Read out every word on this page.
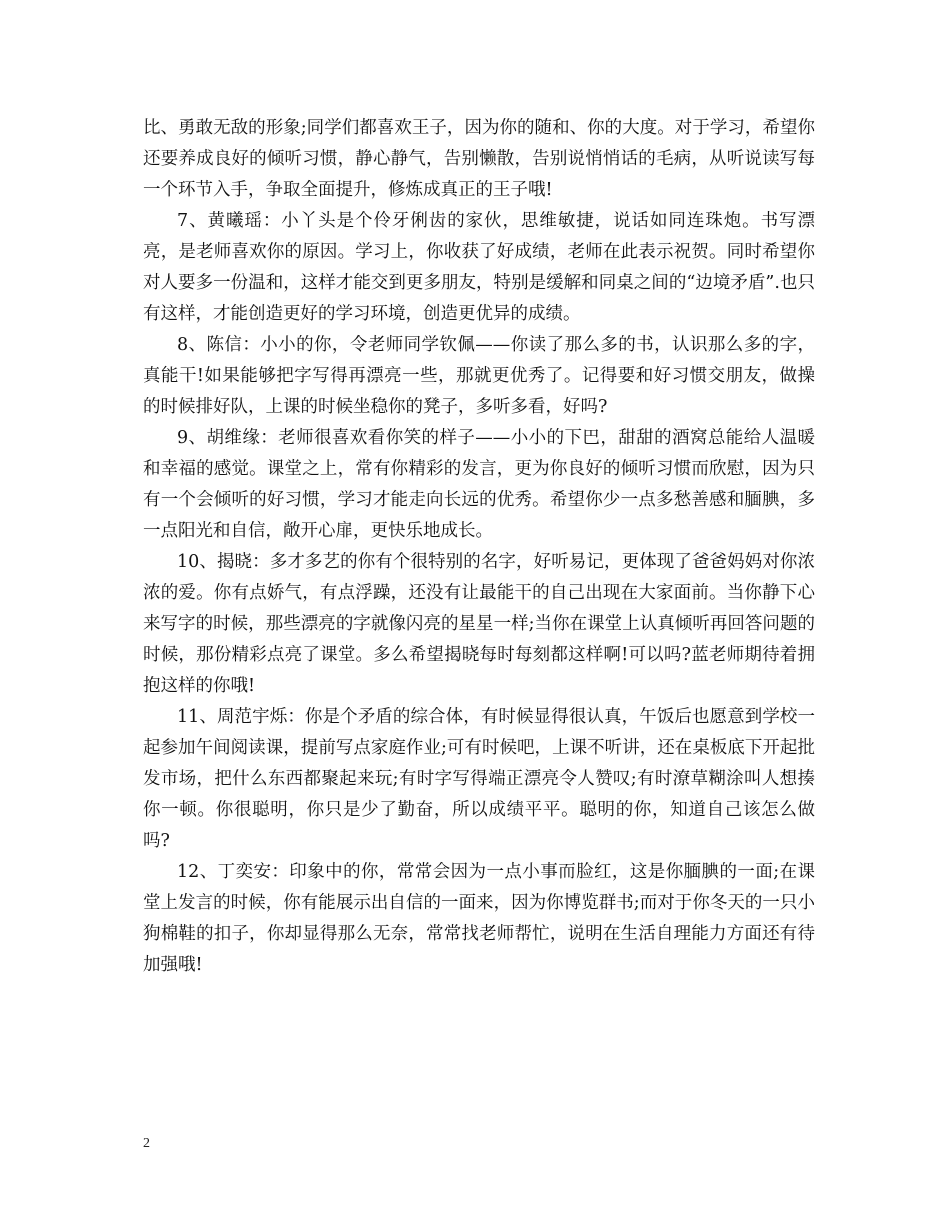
比、勇敢无敌的形象;同学们都喜欢王子，因为你的随和、你的大度。对于学习，希望你还要养成良好的倾听习惯，静心静气，告别懒散，告别说悄悄话的毛病，从听说读写每一个环节入手，争取全面提升，修炼成真正的王子哦!

7、黄曦瑶：小丫头是个伶牙俐齿的家伙，思维敏捷，说话如同连珠炮。书写漂亮，是老师喜欢你的原因。学习上，你收获了好成绩，老师在此表示祝贺。同时希望你对人要多一份温和，这样才能交到更多朋友，特别是缓解和同桌之间的“边境矛盾”.也只有这样，才能创造更好的学习环境，创造更优异的成绩。

8、陈信：小小的你，令老师同学钦佩——你读了那么多的书，认识那么多的字，真能干!如果能够把字写得再漂亮一些，那就更优秀了。记得要和好习惯交朋友，做操的时候排好队，上课的时候坐稳你的凳子，多听多看，好吗?

9、胡维缘：老师很喜欢看你笑的样子——小小的下巴，甜甜的酒窝总能给人温暖和幸福的感觉。课堂之上，常有你精彩的发言，更为你良好的倾听习惯而欣慰，因为只有一个会倾听的好习惯，学习才能走向长远的优秀。希望你少一点多愁善感和腼腆，多一点阳光和自信，敞开心扉，更快乐地成长。

10、揭晓：多才多艺的你有个很特别的名字，好听易记，更体现了爸爸妈妈对你浓浓的爱。你有点娇气，有点浮躁，还没有让最能干的自己出现在大家面前。当你静下心来写字的时候，那些漂亮的字就像闪亮的星星一样;当你在课堂上认真倾听再回答问题的时候，那份精彩点亮了课堂。多么希望揭晓每时每刻都这样啊!可以吗?蓝老师期待着拥抱这样的你哦!

11、周范宇烁：你是个矛盾的综合体，有时候显得很认真，午饭后也愿意到学校一起参加午间阅读课，提前写点家庭作业;可有时候吧，上课不听讲，还在桌板底下开起批发市场，把什么东西都聚起来玩;有时字写得端正漂亮令人赞叹;有时潦草糊涂叫人想揍你一顿。你很聪明，你只是少了勤奋，所以成绩平平。聪明的你，知道自己该怎么做吗?

12、丁奕安：印象中的你，常常会因为一点小事而脸红，这是你腼腆的一面;在课堂上发言的时候，你有能展示出自信的一面来，因为你博览群书;而对于你冬天的一只小狗棉鞋的扣子，你却显得那么无奈，常常找老师帮忙，说明在生活自理能力方面还有待加强哦!

2
